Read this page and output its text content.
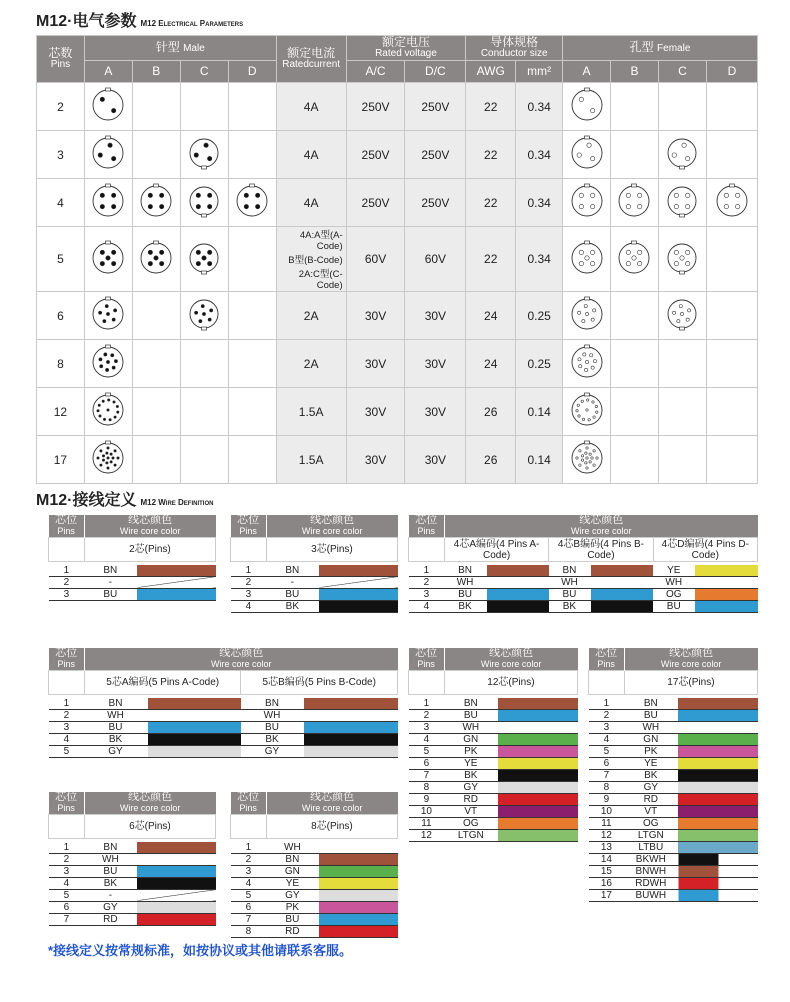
M12·电气参数 M12 Electrical Parameters
芯数
Pins	针型 Male				额定电流
Ratedcurrent	额定电压
Rated voltage		导体规格
Conductor size		孔型 Female			
	A	B	C	D		A/C	D/C	AWG	mm²	A	B	C	D
2					4A	250V	250V	22	0.34				
3					4A	250V	250V	22	0.34				
4					4A	250V	250V	22	0.34				
5					4A:A型(A-Code)
B型(B-Code)
2A:C型(C-Code)	60V	60V	22	0.34				
6					2A	30V	30V	24	0.25				
8					2A	30V	30V	24	0.25				
12					1.5A	30V	30V	26	0.14				
17					1.5A	30V	30V	26	0.14				
M12·接线定义 M12 Wire Definition
芯位
Pins	线芯颜色
Wire core color	
	2芯(Pins)	

1	BN	
2	-	
3	BU	
芯位
Pins	线芯颜色
Wire core color	
	3芯(Pins)	

1	BN	
2	-	
3	BU	
4	BK	
芯位
Pins	线芯颜色
Wire core color					
	4芯A编码(4 Pins A-Code)		4芯B编码(4 Pins B-Code)		4芯D编码(4 Pins D-Code)	

1	BN		BN		YE	
2	WH		WH		WH	
3	BU		BU		OG	
4	BK		BK		BU	
芯位
Pins	线芯颜色
Wire core color			
	5芯A编码(5 Pins A-Code)		5芯B编码(5 Pins B-Code)	

1	BN		BN	
2	WH		WH	
3	BU		BU	
4	BK		BK	
5	GY		GY	
芯位
Pins	线芯颜色
Wire core color	
	12芯(Pins)	

1	BN	
2	BU	
3	WH	
4	GN	
5	PK	
6	YE	
7	BK	
8	GY	
9	RD	
10	VT	
11	OG	
12	LTGN	
芯位
Pins	线芯颜色
Wire core color	
	17芯(Pins)	

1	BN	
2	BU	
3	WH	
4	GN	
5	PK	
6	YE	
7	BK	
8	GY	
9	RD	
10	VT	
11	OG	
12	LTGN	
13	LTBU	
14	BKWH	
15	BNWH	
16	RDWH	
17	BUWH	
芯位
Pins	线芯颜色
Wire core color	
	6芯(Pins)	

1	BN	
2	WH	
3	BU	
4	BK	
5	-	
6	GY	
7	RD	
芯位
Pins	线芯颜色
Wire core color	
	8芯(Pins)	

1	WH	
2	BN	
3	GN	
4	YE	
5	GY	
6	PK	
7	BU	
8	RD	
*接线定义按常规标准，如按协议或其他请联系客服。
